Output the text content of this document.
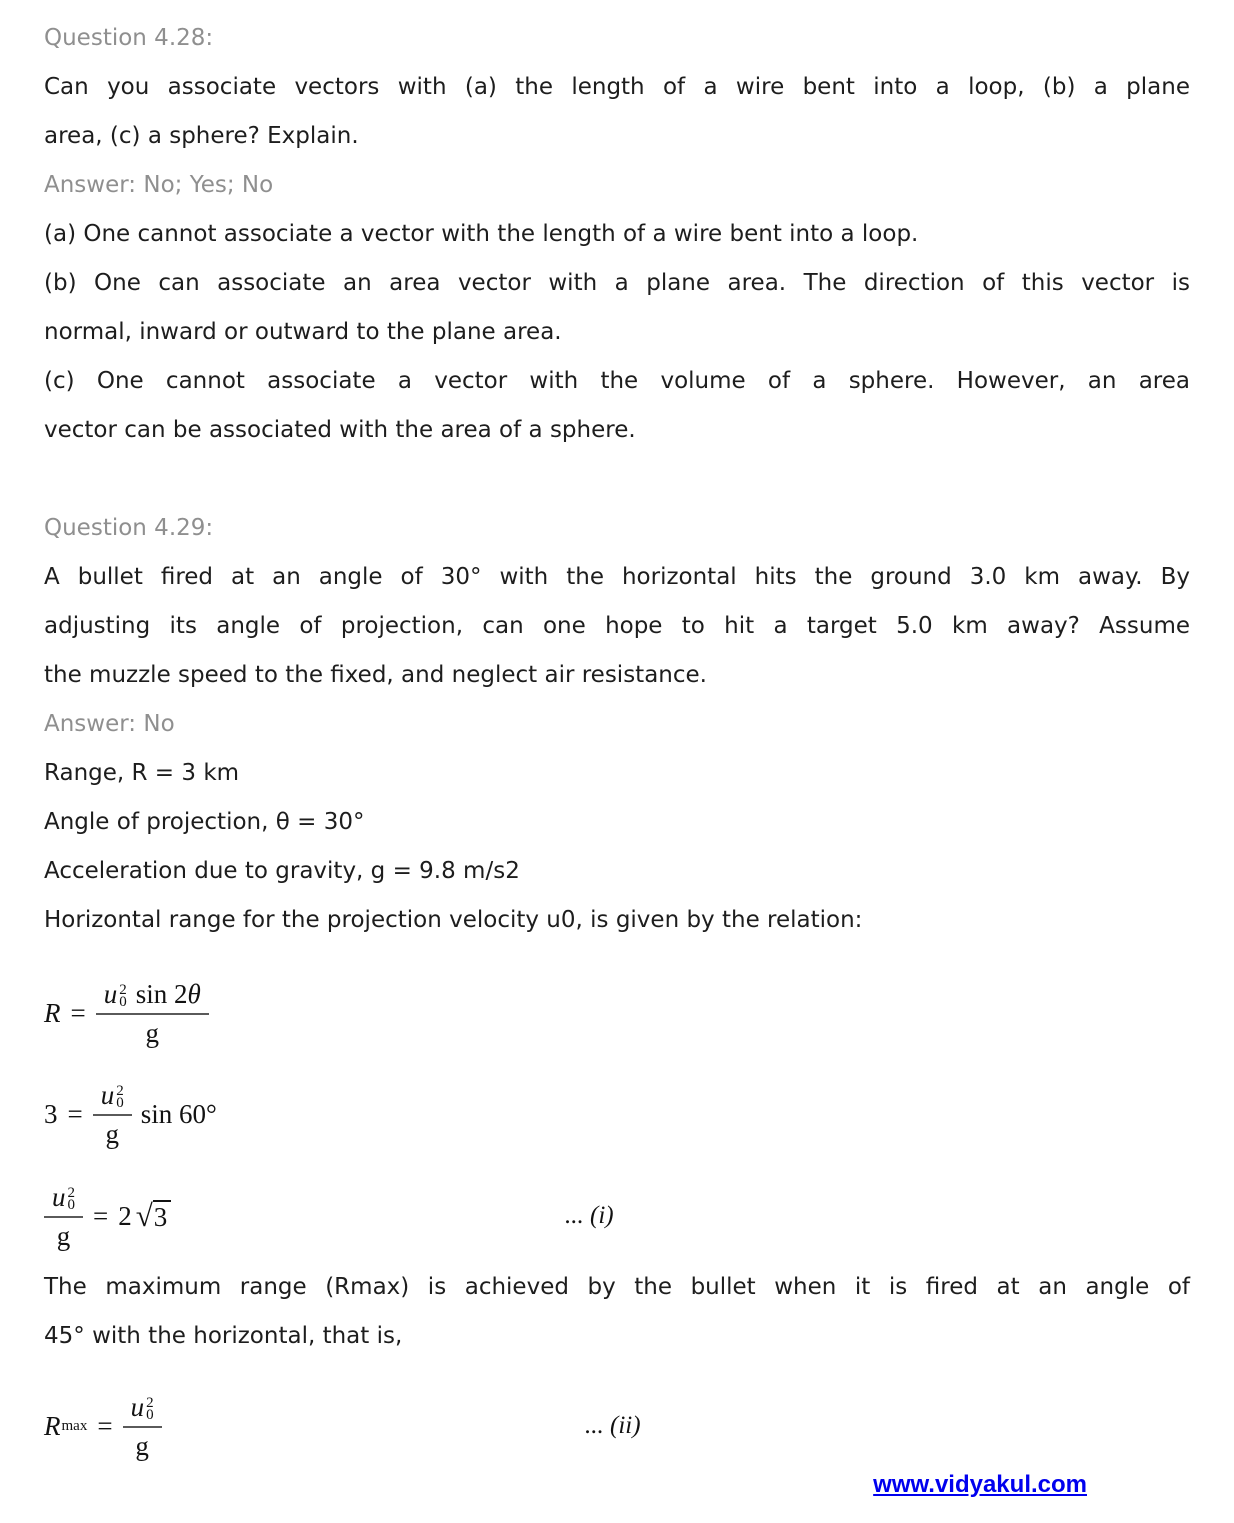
Question 4.28:
Can you associate vectors with (a) the length of a wire bent into a loop, (b) a plane
area, (c) a sphere? Explain.
Answer: No; Yes; No
(a) One cannot associate a vector with the length of a wire bent into a loop.
(b) One can associate an area vector with a plane area. The direction of this vector is
normal, inward or outward to the plane area.
(c) One cannot associate a vector with the volume of a sphere. However, an area
vector can be associated with the area of a sphere.
Question 4.29:
A bullet fired at an angle of 30° with the horizontal hits the ground 3.0 km away. By
adjusting its angle of projection, can one hope to hit a target 5.0 km away? Assume
the muzzle speed to the fixed, and neglect air resistance.
Answer: No
Range, R = 3 km
Angle of projection, θ = 30°
Acceleration due to gravity, g = 9.8 m/s2
Horizontal range for the projection velocity u0, is given by the relation:
R = u 2
0 sin 2 θ
g
3 = u 2
0
g sin 60°
u 2
0
g = 2 √ 3	... (i)
The maximum range (Rmax) is achieved by the bullet when it is fired at an angle of
45° with the horizontal, that is,
R max = u 2
0
g	... (ii)
www.vidyakul.com
